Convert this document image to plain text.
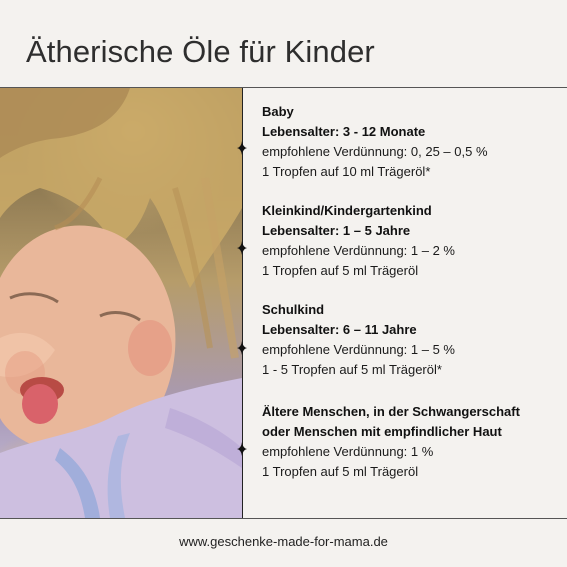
Ätherische Öle für Kinder
Baby
Lebensalter: 3 - 12 Monate
empfohlene Verdünnung: 0, 25 – 0,5 %
1 Tropfen auf 10 ml Trägeröl*
Kleinkind/Kindergartenkind
Lebensalter: 1 – 5 Jahre
empfohlene Verdünnung: 1 – 2 %
1 Tropfen auf 5 ml Trägeröl
Schulkind
Lebensalter: 6 – 11 Jahre
empfohlene Verdünnung: 1 – 5 %
1 - 5 Tropfen auf 5 ml Trägeröl*
Ältere Menschen, in der Schwangerschaft
oder Menschen mit empfindlicher Haut
empfohlene Verdünnung: 1 %
1 Tropfen auf 5 ml Trägeröl
www.geschenke-made-for-mama.de
